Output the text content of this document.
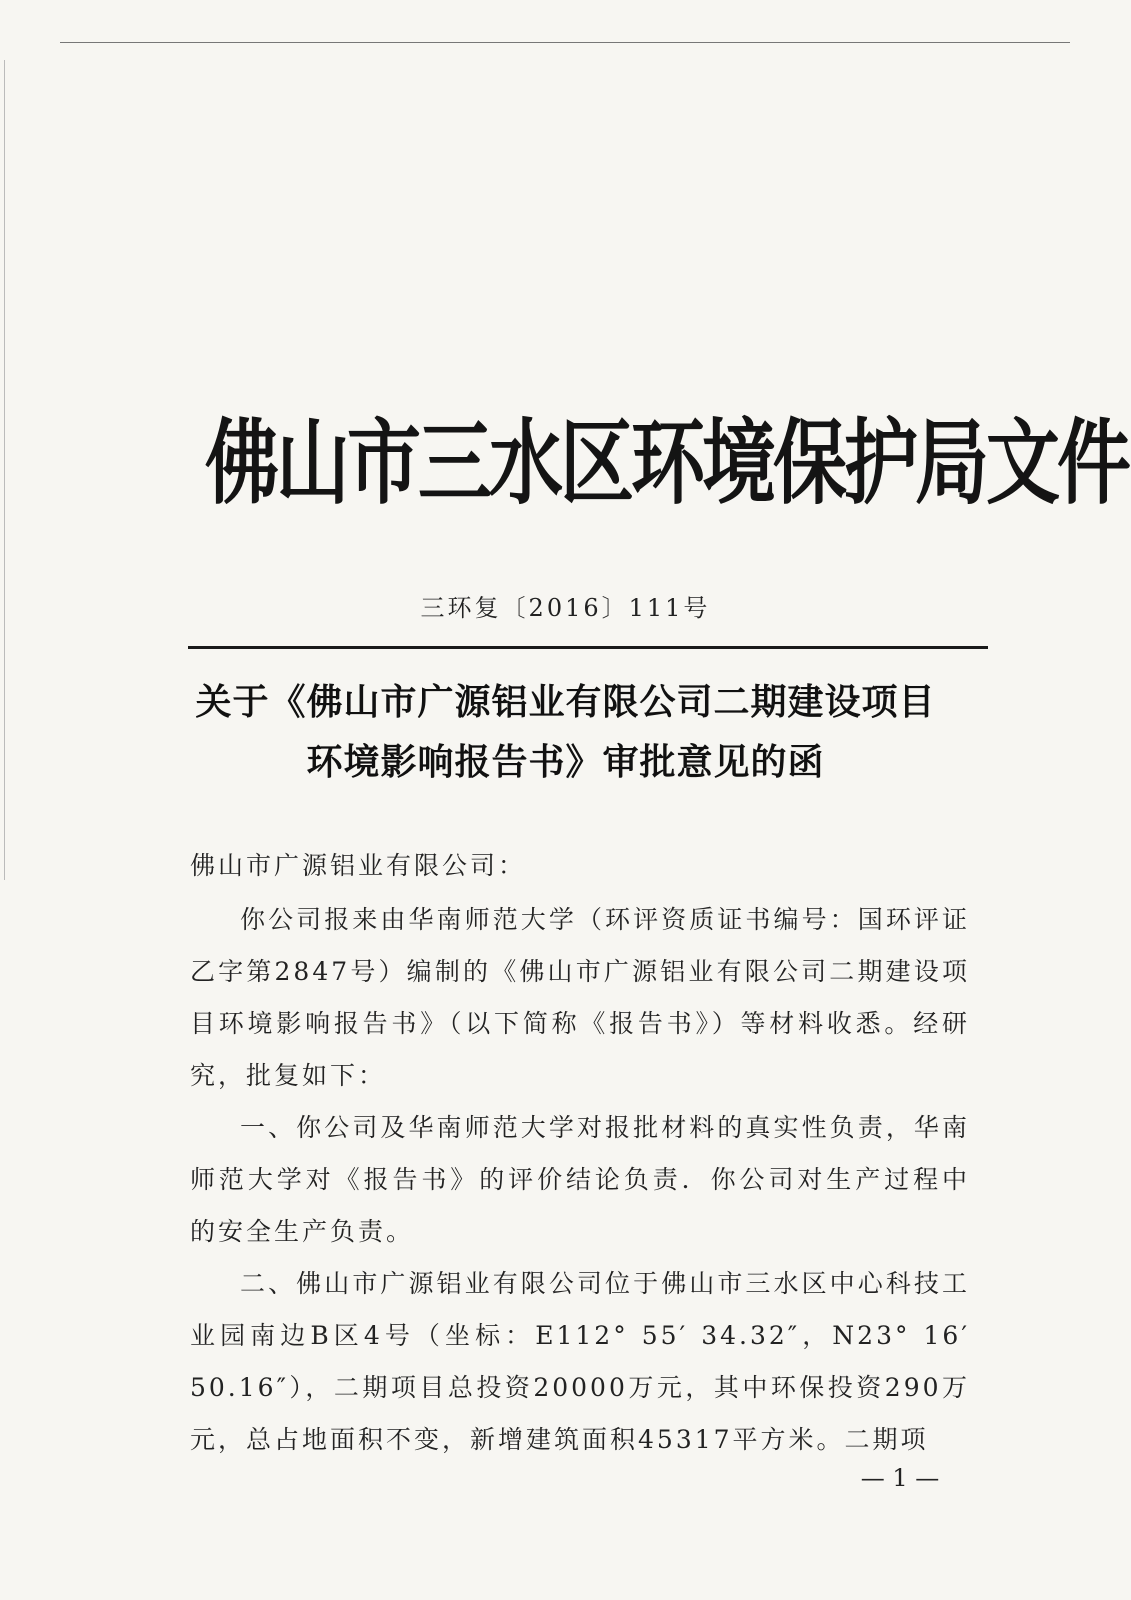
佛山市三水区环境保护局文件
三环复〔2016〕111号
关于《佛山市广源铝业有限公司二期建设项目
环境影响报告书》审批意见的函

佛山市广源铝业有限公司：

你公司报来由华南师范大学（环评资质证书编号：国环评证乙字第2847号）编制的《佛山市广源铝业有限公司二期建设项目环境影响报告书》（以下简称《报告书》）等材料收悉。经研究，批复如下：

一、你公司及华南师范大学对报批材料的真实性负责，华南师范大学对《报告书》的评价结论负责．你公司对生产过程中的安全生产负责。

二、佛山市广源铝业有限公司位于佛山市三水区中心科技工业园南边B区4号（坐标：E112° 55′ 34.32″，N23° 16′ 50.16″），二期项目总投资20000万元，其中环保投资290万元，总占地面积不变，新增建筑面积45317平方米。二期项

— 1 —
